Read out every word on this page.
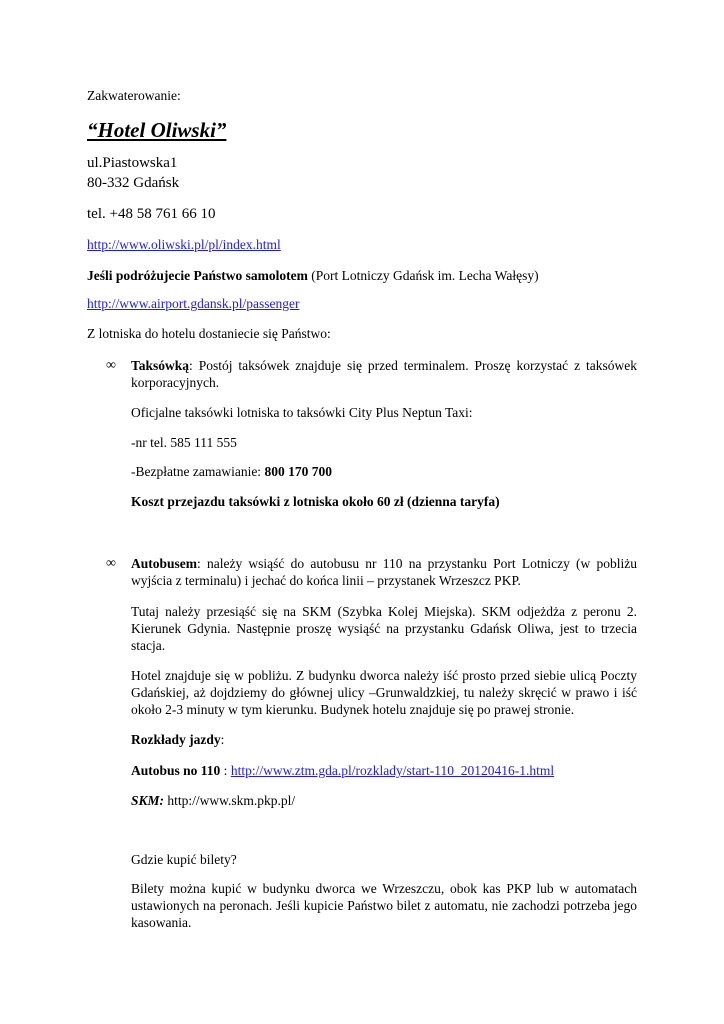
Zakwaterowanie:
“Hotel Oliwski”
ul.Piastowska1
80-332 Gdańsk
tel. +48 58 761 66 10
http://www.oliwski.pl/pl/index.html
Jeśli podróżujecie Państwo samolotem (Port Lotniczy Gdańsk im. Lecha Wałęsy)
http://www.airport.gdansk.pl/passenger
Z lotniska do hotelu dostaniecie się Państwo:
∞ Taksówką: Postój taksówek znajduje się przed terminalem. Proszę korzystać z taksówek korporacyjnych.
Oficjalne taksówki lotniska to taksówki City Plus Neptun Taxi:
-nr tel. 585 111 555
-Bezpłatne zamawianie: 800 170 700
Koszt przejazdu taksówki z lotniska około 60 zł (dzienna taryfa)
∞ Autobusem: należy wsiąść do autobusu nr 110 na przystanku Port Lotniczy (w pobliżu wyjścia z terminalu) i jechać do końca linii – przystanek Wrzeszcz PKP.
Tutaj należy przesiąść się na SKM (Szybka Kolej Miejska). SKM odjeżdża z peronu 2. Kierunek Gdynia. Następnie proszę wysiąść na przystanku Gdańsk Oliwa, jest to trzecia stacja.
Hotel znajduje się w pobliżu. Z budynku dworca należy iść prosto przed siebie ulicą Poczty Gdańskiej, aż dojdziemy do głównej ulicy –Grunwaldzkiej, tu należy skręcić w prawo i iść około 2-3 minuty w tym kierunku. Budynek hotelu znajduje się po prawej stronie.
Rozkłady jazdy:
Autobus no 110 : http://www.ztm.gda.pl/rozklady/start-110_20120416-1.html
SKM: http://www.skm.pkp.pl/
Gdzie kupić bilety?
Bilety można kupić w budynku dworca we Wrzeszczu, obok kas PKP lub w automatach ustawionych na peronach. Jeśli kupicie Państwo bilet z automatu, nie zachodzi potrzeba jego kasowania.
